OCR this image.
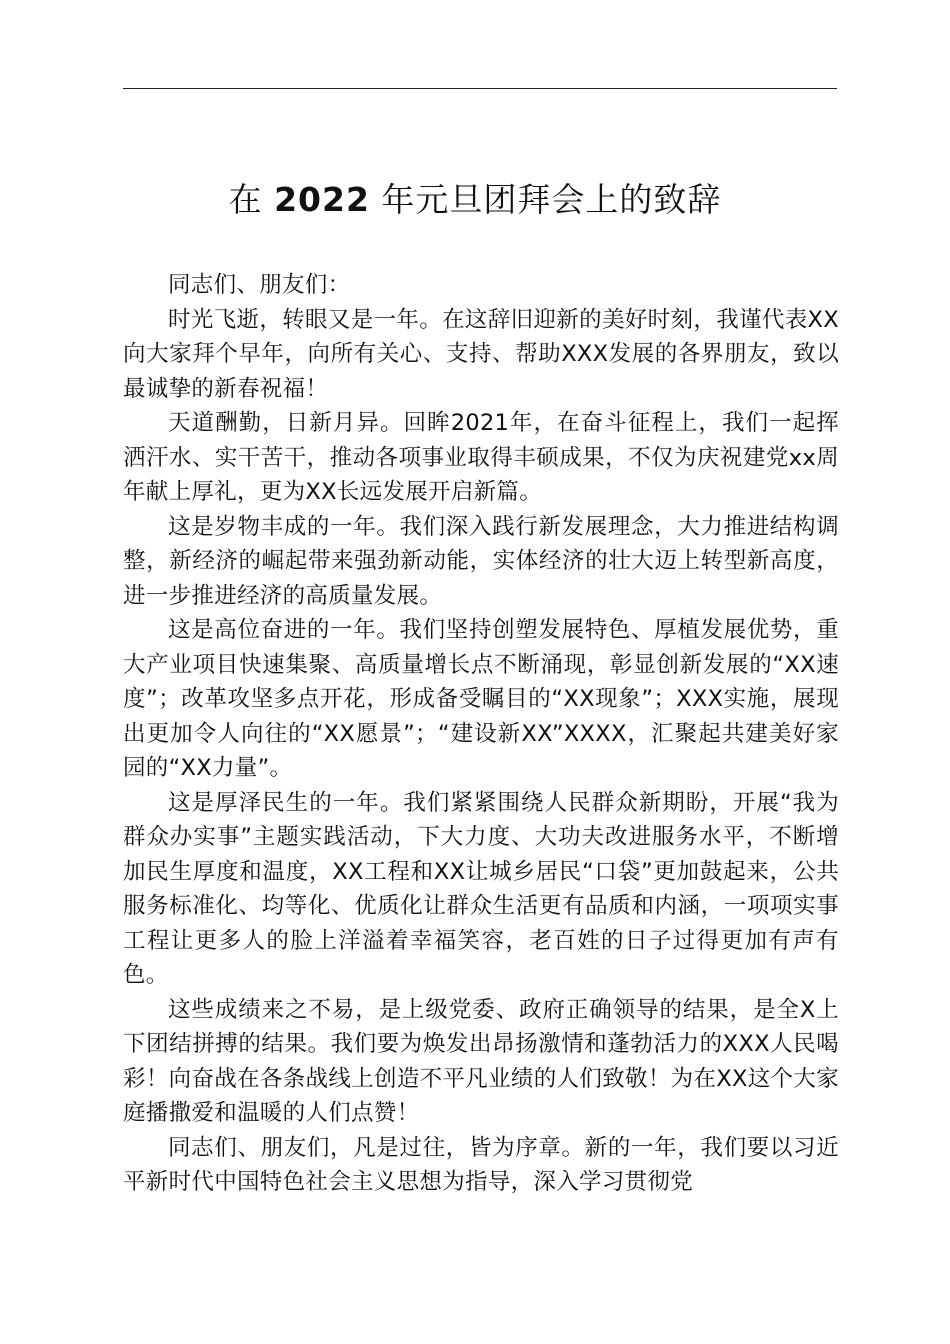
在 2022 年元旦团拜会上的致辞

同志们、朋友们：

时光飞逝，转眼又是一年。在这辞旧迎新的美好时刻，我谨代表XX向大家拜个早年，向所有关心、支持、帮助XXX发展的各界朋友，致以最诚挚的新春祝福！

天道酬勤，日新月异。回眸2021年，在奋斗征程上，我们一起挥洒汗水、实干苦干，推动各项事业取得丰硕成果，不仅为庆祝建党xx周年献上厚礼，更为XX长远发展开启新篇。

这是岁物丰成的一年。我们深入践行新发展理念，大力推进结构调整，新经济的崛起带来强劲新动能，实体经济的壮大迈上转型新高度，进一步推进经济的高质量发展。

这是高位奋进的一年。我们坚持创塑发展特色、厚植发展优势，重大产业项目快速集聚、高质量增长点不断涌现，彰显创新发展的“XX速度”；改革攻坚多点开花，形成备受瞩目的“XX现象”；XXX实施，展现出更加令人向往的“XX愿景”；“建设新XX”XXXX，汇聚起共建美好家园的“XX力量”。

这是厚泽民生的一年。我们紧紧围绕人民群众新期盼，开展“我为群众办实事”主题实践活动，下大力度、大功夫改进服务水平，不断增加民生厚度和温度，XX工程和XX让城乡居民“口袋”更加鼓起来，公共服务标准化、均等化、优质化让群众生活更有品质和内涵，一项项实事工程让更多人的脸上洋溢着幸福笑容，老百姓的日子过得更加有声有色。

这些成绩来之不易，是上级党委、政府正确领导的结果，是全X上下团结拼搏的结果。我们要为焕发出昂扬激情和蓬勃活力的XXX人民喝彩！向奋战在各条战线上创造不平凡业绩的人们致敬！为在XX这个大家庭播撒爱和温暖的人们点赞！

同志们、朋友们，凡是过往，皆为序章。新的一年，我们要以习近平新时代中国特色社会主义思想为指导，深入学习贯彻党
